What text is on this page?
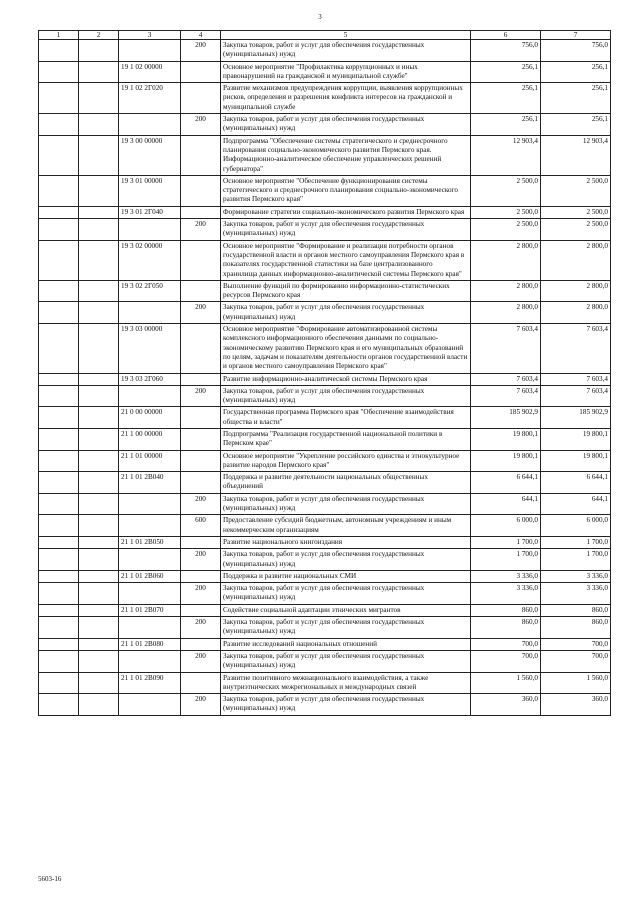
3
1	2	3	4	5	6	7
			200	Закупка товаров, работ и услуг для обеспечения государственных (муниципальных) нужд	756,0	756,0
		19 1 02 00000		Основное мероприятие "Профилактика коррупционных и иных правонарушений на гражданской и муниципальной службе"	256,1	256,1
		19 1 02 2Г020		Развитие механизмов предупреждения коррупции, выявления коррупционных рисков, определения и разрешения конфликта интересов на гражданской и муниципальной службе	256,1	256,1
			200	Закупка товаров, работ и услуг для обеспечения государственных (муниципальных) нужд	256,1	256,1
		19 3 00 00000		Подпрограмма "Обеспечение системы стратегического и среднесрочного планирования социально-экономического развития Пермского края. Информационно-аналитическое обеспечение управленческих решений губернатора"	12 903,4	12 903,4
		19 3 01 00000		Основное мероприятие "Обеспечение функционирования системы стратегического и среднесрочного планирования социально-экономического развития Пермского края"	2 500,0	2 500,0
		19 3 01 2Г040		Формирование стратегии социально-экономического развития Пермского края	2 500,0	2 500,0
			200	Закупка товаров, работ и услуг для обеспечения государственных (муниципальных) нужд	2 500,0	2 500,0
		19 3 02 00000		Основное мероприятие "Формирование и реализация потребности органов государственной власти и органов местного самоуправления Пермского края в показателях государственной статистики на базе централизованного хранилища данных информационно-аналитической системы Пермского края"	2 800,0	2 800,0
		19 3 02 2Г050		Выполнение функций по формированию информационно-статистических ресурсов Пермского края	2 800,0	2 800,0
			200	Закупка товаров, работ и услуг для обеспечения государственных (муниципальных) нужд	2 800,0	2 800,0
		19 3 03 00000		Основное мероприятие "Формирование автоматизированной системы комплексного информационного обеспечения данными по социально-экономическому развитию Пермского края и его муниципальных образований по целям, задачам и показателям деятельности органов государственной власти и органов местного самоуправления Пермского края"	7 603,4	7 603,4
		19 3 03 2Г060		Развитие информационно-аналитической системы Пермского края	7 603,4	7 603,4
			200	Закупка товаров, работ и услуг для обеспечения государственных (муниципальных) нужд	7 603,4	7 603,4
		21 0 00 00000		Государственная программа Пермского края "Обеспечение взаимодействия общества и власти"	185 902,9	185 902,9
		21 1 00 00000		Подпрограмма "Реализация государственной национальной политики в Пермском крае"	19 800,1	19 800,1
		21 1 01 00000		Основное мероприятие "Укрепление российского единства и этнокультурное развитие народов Пермского края"	19 800,1	19 800,1
		21 1 01 2В040		Поддержка и развитие деятельности национальных общественных объединений	6 644,1	6 644,1
			200	Закупка товаров, работ и услуг для обеспечения государственных (муниципальных) нужд	644,1	644,1
			600	Предоставление субсидий бюджетным, автономным учреждениям и иным некоммерческим организациям	6 000,0	6 000,0
		21 1 01 2В050		Развитие национального книгоиздания	1 700,0	1 700,0
			200	Закупка товаров, работ и услуг для обеспечения государственных (муниципальных) нужд	1 700,0	1 700,0
		21 1 01 2В060		Поддержка и развитие национальных СМИ	3 336,0	3 336,0
			200	Закупка товаров, работ и услуг для обеспечения государственных (муниципальных) нужд	3 336,0	3 336,0
		21 1 01 2В070		Содействие социальной адаптации этнических мигрантов	860,0	860,0
			200	Закупка товаров, работ и услуг для обеспечения государственных (муниципальных) нужд	860,0	860,0
		21 1 01 2В080		Развитие исследований национальных отношений	700,0	700,0
			200	Закупка товаров, работ и услуг для обеспечения государственных (муниципальных) нужд	700,0	700,0
		21 1 01 2В090		Развитие позитивного межнационального взаимодействия, а также внутриэтнических межрегиональных и международных связей	1 560,0	1 560,0
			200	Закупка товаров, работ и услуг для обеспечения государственных (муниципальных) нужд	360,0	360,0
5603-16
